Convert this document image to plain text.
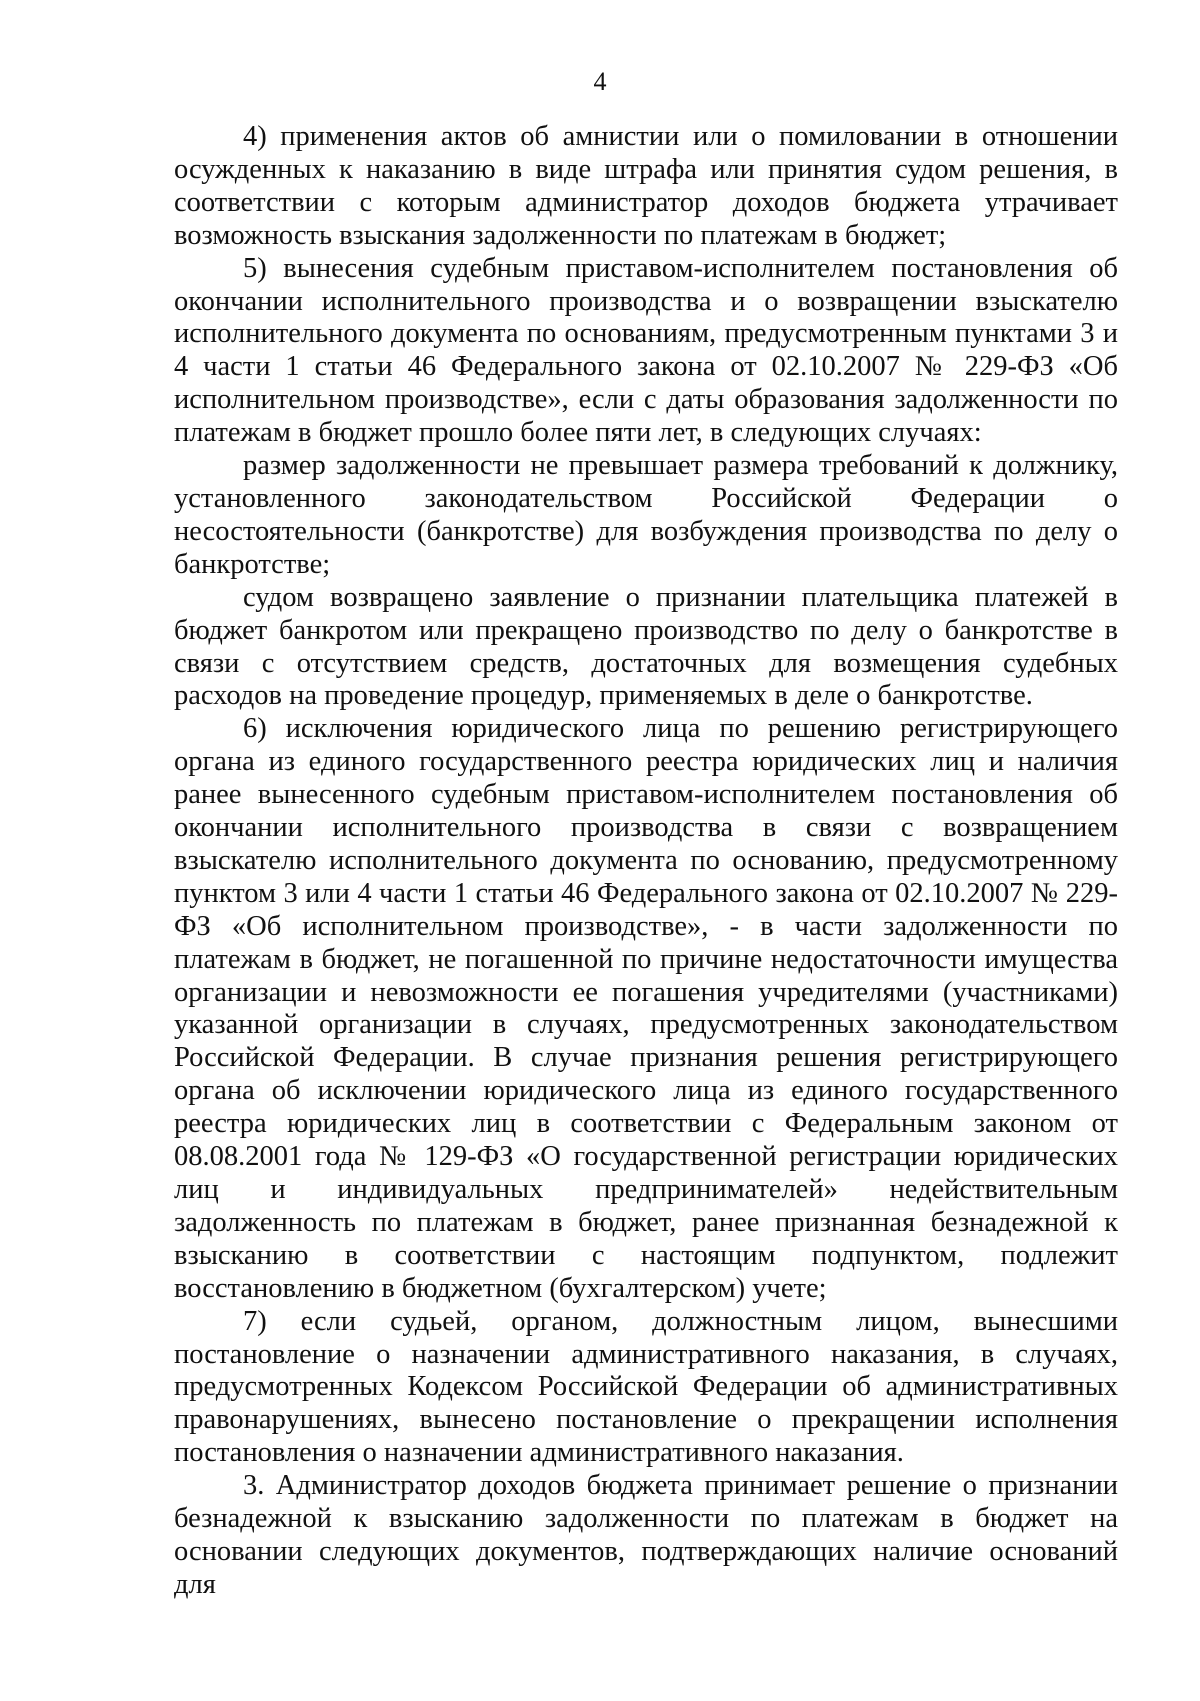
4

4) применения актов об амнистии или о помиловании в отношении осужденных к наказанию в виде штрафа или принятия судом решения, в соответствии с которым администратор доходов бюджета утрачивает возможность взыскания задолженности по платежам в бюджет;

5) вынесения судебным приставом-исполнителем постановления об окончании исполнительного производства и о возвращении взыскателю исполнительного документа по основаниям, предусмотренным пунктами 3 и 4 части 1 статьи 46 Федерального закона от 02.10.2007 № 229-ФЗ «Об исполнительном производстве», если с даты образования задолженности по платежам в бюджет прошло более пяти лет, в следующих случаях:

размер задолженности не превышает размера требований к должнику, установленного законодательством Российской Федерации о несостоятельности (банкротстве) для возбуждения производства по делу о банкротстве;

судом возвращено заявление о признании плательщика платежей в бюджет банкротом или прекращено производство по делу о банкротстве в связи с отсутствием средств, достаточных для возмещения судебных расходов на проведение процедур, применяемых в деле о банкротстве.

6) исключения юридического лица по решению регистрирующего органа из единого государственного реестра юридических лиц и наличия ранее вынесенного судебным приставом-исполнителем постановления об окончании исполнительного производства в связи с возвращением взыскателю исполнительного документа по основанию, предусмотренному пунктом 3 или 4 части 1 статьи 46 Федерального закона от 02.10.2007 № 229-ФЗ «Об исполнительном производстве», - в части задолженности по платежам в бюджет, не погашенной по причине недостаточности имущества организации и невозможности ее погашения учредителями (участниками) указанной организации в случаях, предусмотренных законодательством Российской Федерации. В случае признания решения регистрирующего органа об исключении юридического лица из единого государственного реестра юридических лиц в соответствии с Федеральным законом от 08.08.2001 года № 129-ФЗ «О государственной регистрации юридических лиц и индивидуальных предпринимателей» недействительным задолженность по платежам в бюджет, ранее признанная безнадежной к взысканию в соответствии с настоящим подпунктом, подлежит восстановлению в бюджетном (бухгалтерском) учете;

7) если судьей, органом, должностным лицом, вынесшими постановление о назначении административного наказания, в случаях, предусмотренных Кодексом Российской Федерации об административных правонарушениях, вынесено постановление о прекращении исполнения постановления о назначении административного наказания.

3. Администратор доходов бюджета принимает решение о признании безнадежной к взысканию задолженности по платежам в бюджет на основании следующих документов, подтверждающих наличие оснований для
